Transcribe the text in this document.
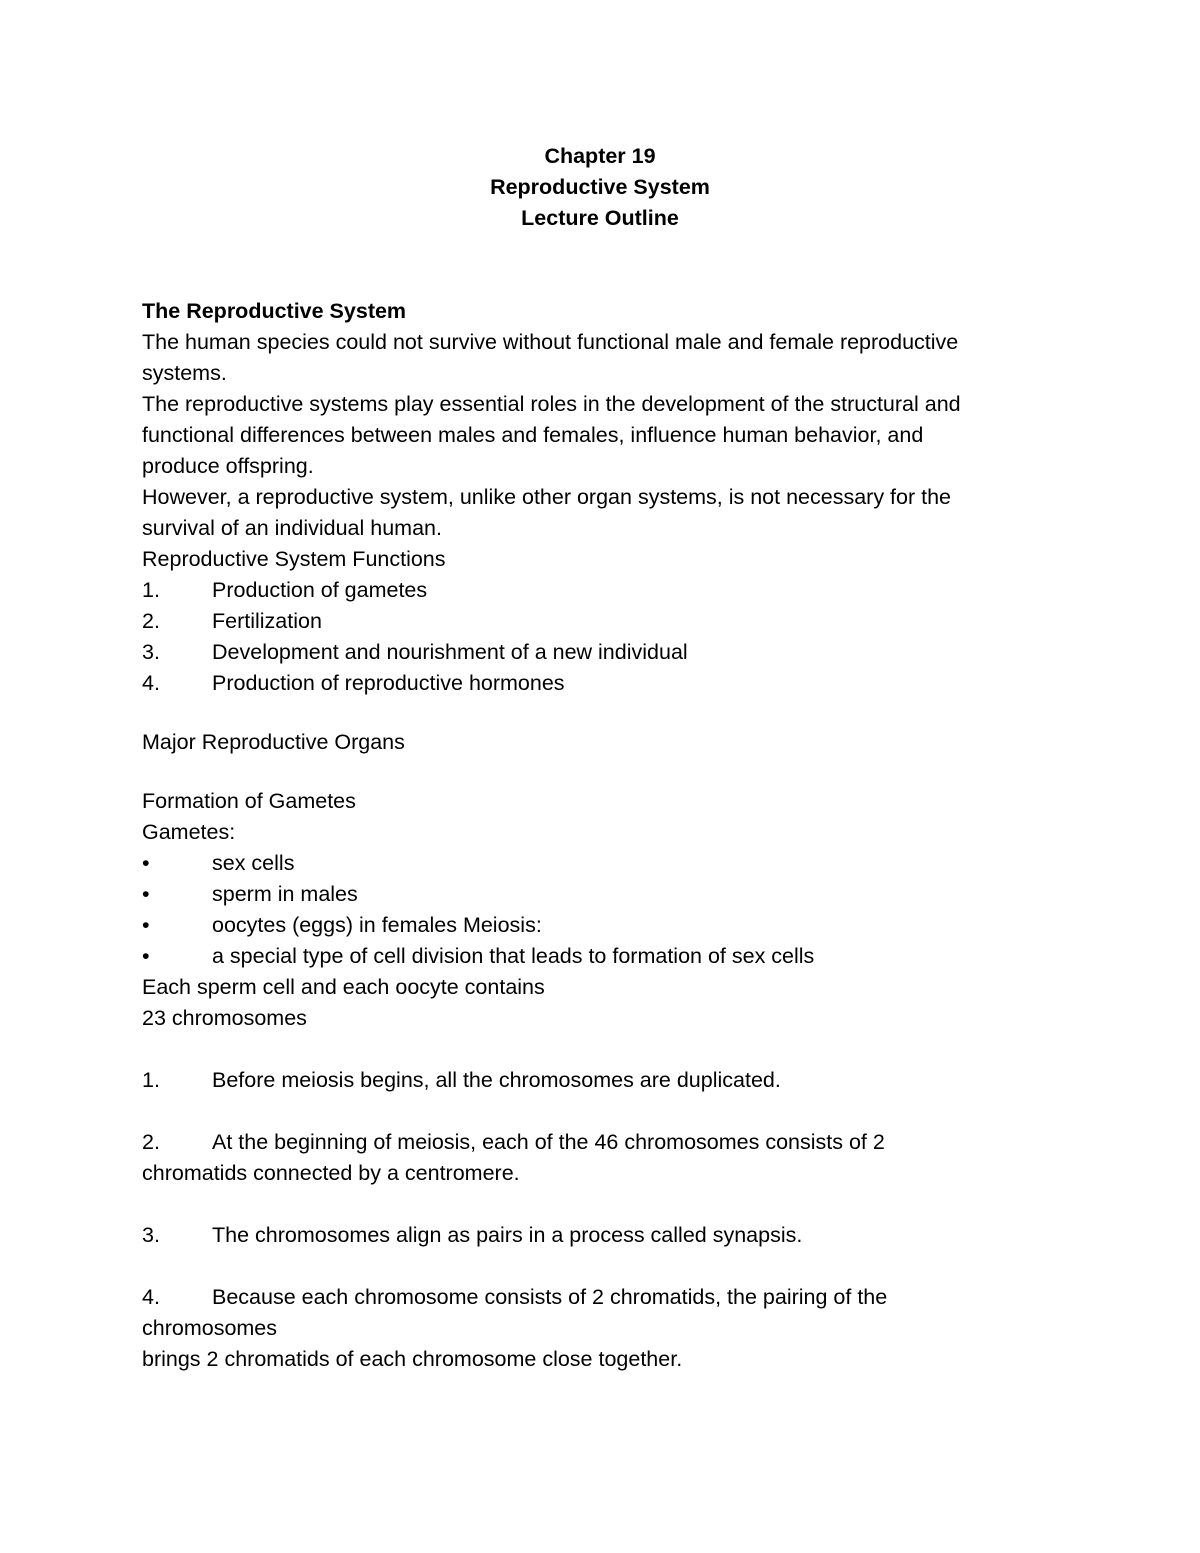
Chapter 19
Reproductive System
Lecture Outline
The Reproductive System
The human species could not survive without functional male and female reproductive
systems.
The reproductive systems play essential roles in the development of the structural and
functional differences between males and females, influence human behavior, and
produce offspring.
However, a reproductive system, unlike other organ systems, is not necessary for the
survival of an individual human.
Reproductive System Functions
1. Production of gametes
2. Fertilization
3. Development and nourishment of a new individual
4. Production of reproductive hormones
Major Reproductive Organs
Formation of Gametes
Gametes:
•	sex cells
•	sperm in males
•	oocytes (eggs) in females Meiosis:
•	a special type of cell division that leads to formation of sex cells
Each sperm cell and each oocyte contains
23 chromosomes
1. Before meiosis begins, all the chromosomes are duplicated.
2. At the beginning of meiosis, each of the 46 chromosomes consists of 2
chromatids connected by a centromere.
3. The chromosomes align as pairs in a process called synapsis.
4. Because each chromosome consists of 2 chromatids, the pairing of the
chromosomes
brings 2 chromatids of each chromosome close together.
